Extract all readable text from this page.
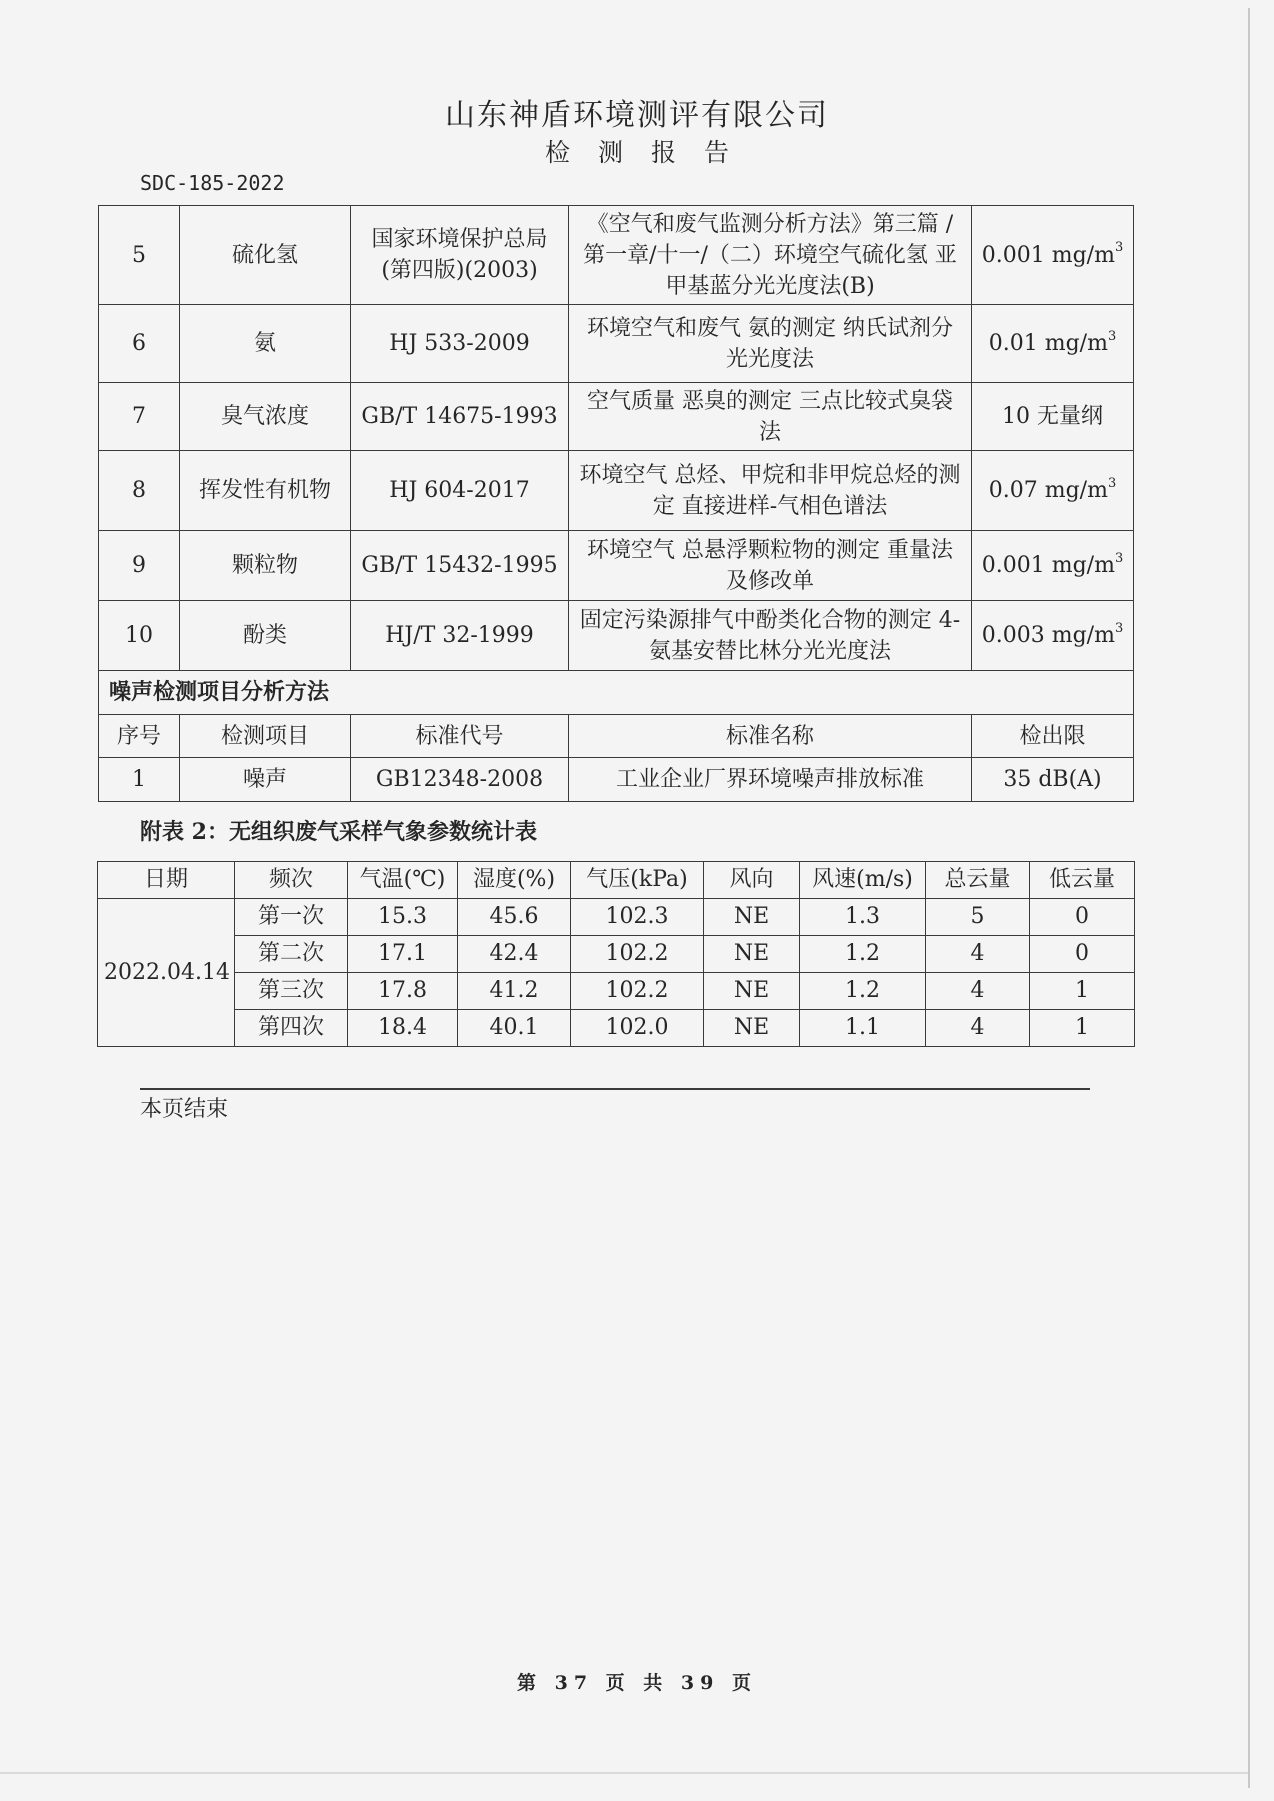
山东神盾环境测评有限公司
检测报告
SDC-185-2022
5	硫化氢	国家环境保护总局(第四版)(2003)	《空气和废气监测分析方法》第三篇 /第一章/十一/（二）环境空气硫化氢 亚甲基蓝分光光度法(B)	0.001 $mg/m^3$
6	氨	HJ 533-2009	环境空气和废气 氨的测定 纳氏试剂分光光度法	0.01 $mg/m^3$
7	臭气浓度	GB/T 14675-1993	空气质量 恶臭的测定 三点比较式臭袋法	10 无量纲
8	挥发性有机物	HJ 604-2017	环境空气 总烃、甲烷和非甲烷总烃的测定 直接进样-气相色谱法	0.07 $mg/m^3$
9	颗粒物	GB/T 15432-1995	环境空气 总悬浮颗粒物的测定 重量法及修改单	0.001 $mg/m^3$
10	酚类	HJ/T 32-1999	固定污染源排气中酚类化合物的测定 4-氨基安替比林分光光度法	0.003 $mg/m^3$
噪声检测项目分析方法				
序号	检测项目	标准代号	标准名称	检出限
1	噪声	GB12348-2008	工业企业厂界环境噪声排放标准	35 dB(A)
附表 2：无组织废气采样气象参数统计表
日期	频次	气温(℃)	湿度(%)	气压(kPa)	风向	风速(m/s)	总云量	低云量
2022.04.14	第一次	15.3	45.6	102.3	NE	1.3	5	0
	第二次	17.1	42.4	102.2	NE	1.2	4	0
	第三次	17.8	41.2	102.2	NE	1.2	4	1
	第四次	18.4	40.1	102.0	NE	1.1	4	1
本页结束
第 37 页 共 39 页
